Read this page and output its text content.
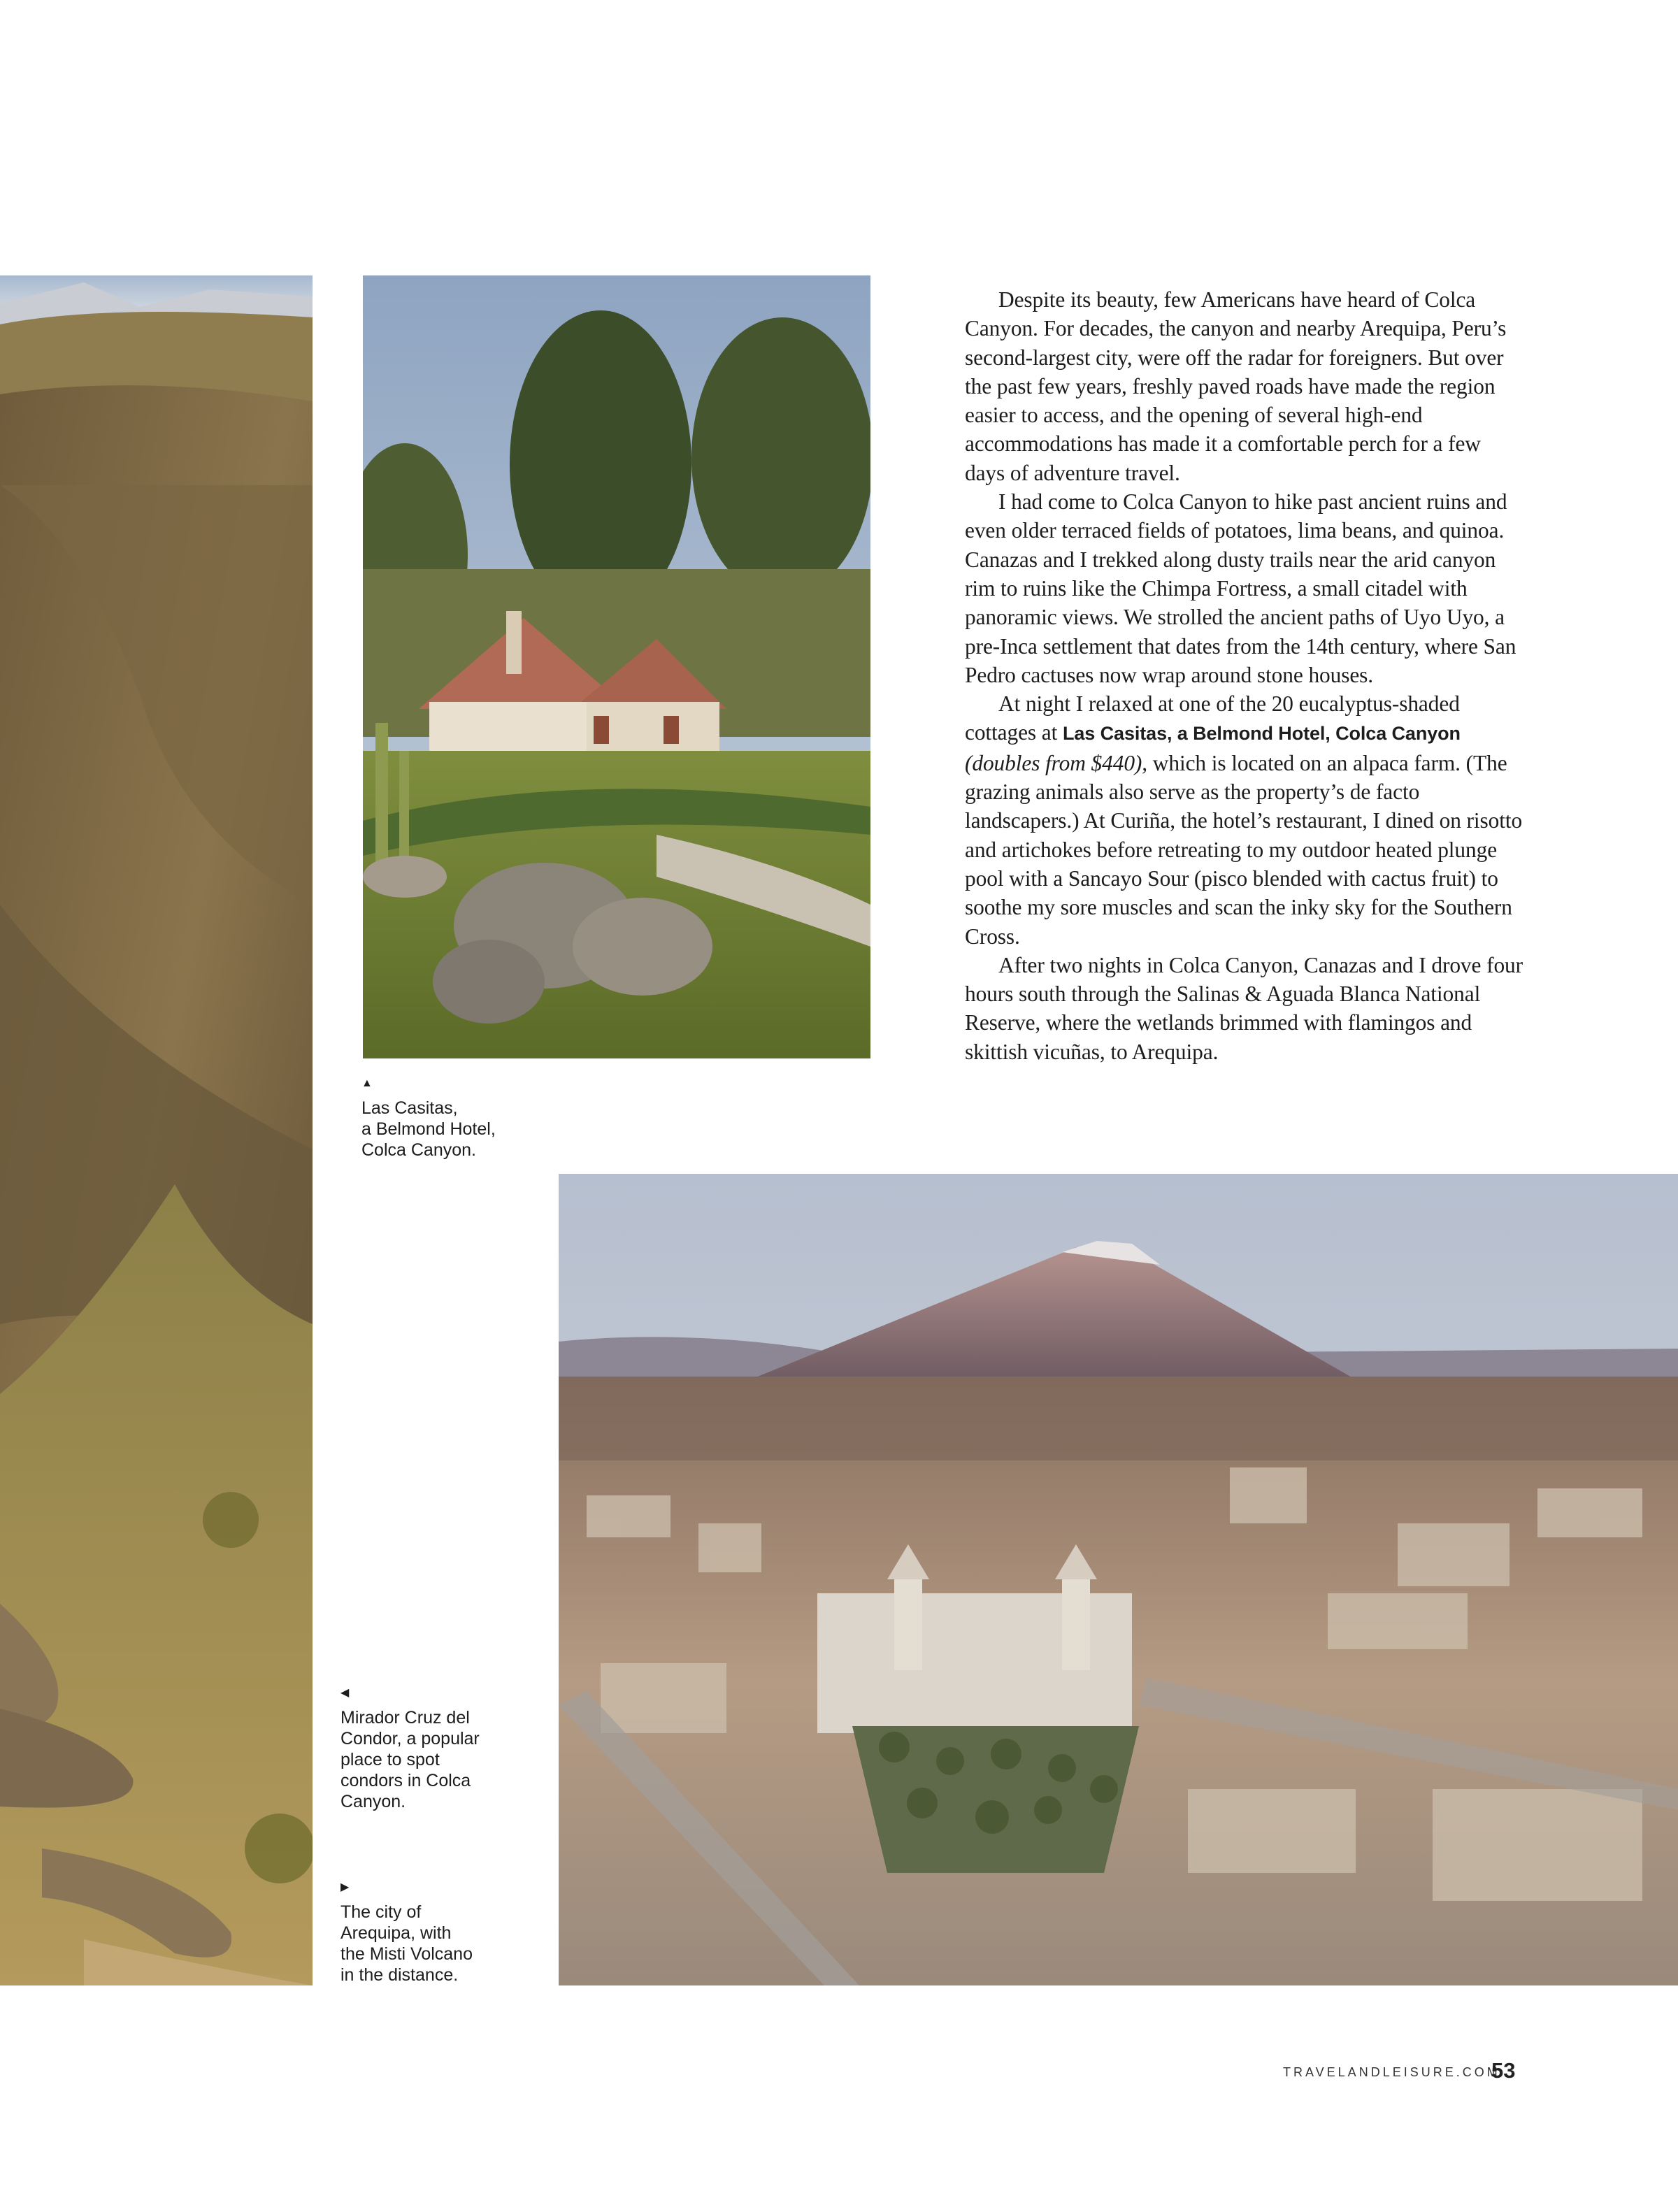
▲
Las Casitas,
a Belmond Hotel,
Colca Canyon.
◀
Mirador Cruz del
Condor, a popular
place to spot
condors in Colca
Canyon.
▶
The city of
Arequipa, with
the Misti Volcano
in the distance.

Despite its beauty, few Americans have heard of Colca Canyon. For decades, the canyon and nearby Arequipa, Peru’s second-largest city, were off the radar for foreigners. But over the past few years, freshly paved roads have made the region easier to access, and the opening of several high-end accommodations has made it a comfortable perch for a few days of adventure travel.

I had come to Colca Canyon to hike past ancient ruins and even older terraced fields of potatoes, lima beans, and quinoa. Canazas and I trekked along dusty trails near the arid canyon rim to ruins like the Chimpa Fortress, a small citadel with panoramic views. We strolled the ancient paths of Uyo Uyo, a pre-Inca settlement that dates from the 14th century, where San Pedro cactuses now wrap around stone houses.

At night I relaxed at one of the 20 eucalyptus-shaded cottages at Las Casitas, a Belmond Hotel, Colca Canyon (doubles from $440), which is located on an alpaca farm. (The grazing animals also serve as the property’s de facto landscapers.) At Curiña, the hotel’s restaurant, I dined on risotto and artichokes before retreating to my outdoor heated plunge pool with a Sancayo Sour (pisco blended with cactus fruit) to soothe my sore muscles and scan the inky sky for the Southern Cross.

After two nights in Colca Canyon, Canazas and I drove four hours south through the Salinas & Aguada Blanca National Reserve, where the wetlands brimmed with flamingos and skittish vicuñas, to Arequipa.

TRAVELANDLEISURE.COM
53
